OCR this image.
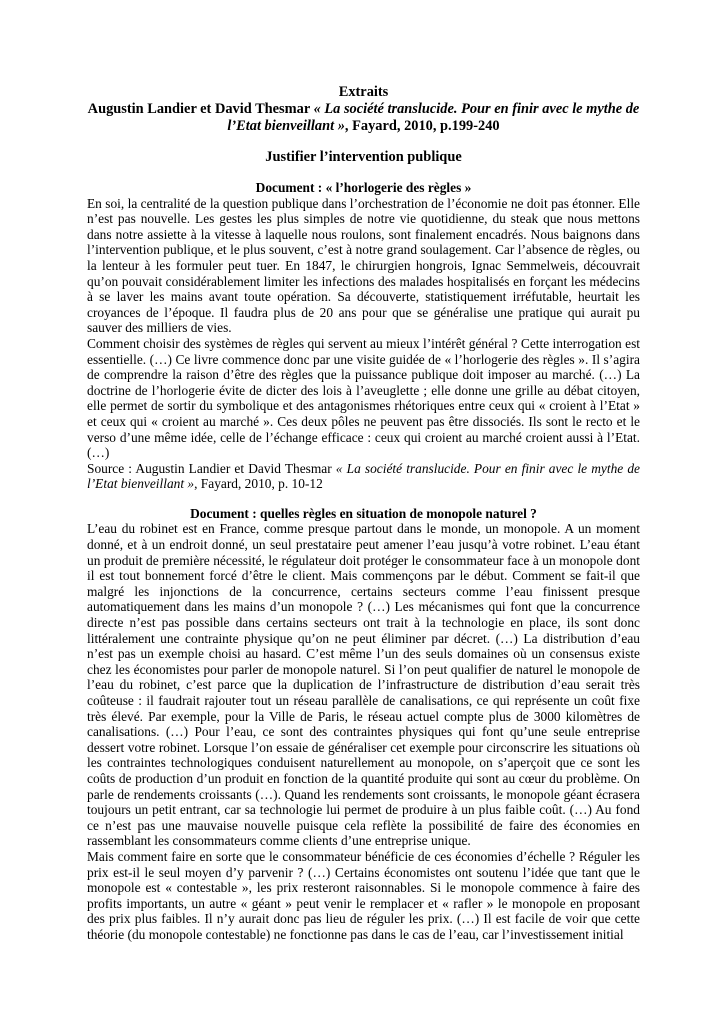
Extraits
Augustin Landier et David Thesmar « La société translucide. Pour en finir avec le mythe de l’Etat bienveillant », Fayard, 2010, p.199-240
Justifier l’intervention publique
Document : « l’horlogerie des règles »

En soi, la centralité de la question publique dans l’orchestration de l’économie ne doit pas étonner. Elle n’est pas nouvelle. Les gestes les plus simples de notre vie quotidienne, du steak que nous mettons dans notre assiette à la vitesse à laquelle nous roulons, sont finalement encadrés. Nous baignons dans l’intervention publique, et le plus souvent, c’est à notre grand soulagement. Car l’absence de règles, ou la lenteur à les formuler peut tuer. En 1847, le chirurgien hongrois, Ignac Semmelweis, découvrait qu’on pouvait considérablement limiter les infections des malades hospitalisés en forçant les médecins à se laver les mains avant toute opération. Sa découverte, statistiquement irréfutable, heurtait les croyances de l’époque. Il faudra plus de 20 ans pour que se généralise une pratique qui aurait pu sauver des milliers de vies.

Comment choisir des systèmes de règles qui servent au mieux l’intérêt général ? Cette interrogation est essentielle. (…) Ce livre commence donc par une visite guidée de « l’horlogerie des règles ». Il s’agira de comprendre la raison d’être des règles que la puissance publique doit imposer au marché. (…) La doctrine de l’horlogerie évite de dicter des lois à l’aveuglette ; elle donne une grille au débat citoyen, elle permet de sortir du symbolique et des antagonismes rhétoriques entre ceux qui « croient à l’Etat » et ceux qui « croient au marché ». Ces deux pôles ne peuvent pas être dissociés. Ils sont le recto et le verso d’une même idée, celle de l’échange efficace : ceux qui croient au marché croient aussi à l’Etat. (…)

Source : Augustin Landier et David Thesmar « La société translucide. Pour en finir avec le mythe de l’Etat bienveillant », Fayard, 2010, p. 10-12

Document : quelles règles en situation de monopole naturel ?

L’eau du robinet est en France, comme presque partout dans le monde, un monopole. A un moment donné, et à un endroit donné, un seul prestataire peut amener l’eau jusqu’à votre robinet. L’eau étant un produit de première nécessité, le régulateur doit protéger le consommateur face à un monopole dont il est tout bonnement forcé d’être le client. Mais commençons par le début. Comment se fait-il que malgré les injonctions de la concurrence, certains secteurs comme l’eau finissent presque automatiquement dans les mains d’un monopole ? (…) Les mécanismes qui font que la concurrence directe n’est pas possible dans certains secteurs ont trait à la technologie en place, ils sont donc littéralement une contrainte physique qu’on ne peut éliminer par décret. (…) La distribution d’eau n’est pas un exemple choisi au hasard. C’est même l’un des seuls domaines où un consensus existe chez les économistes pour parler de monopole naturel. Si l’on peut qualifier de naturel le monopole de l’eau du robinet, c’est parce que la duplication de l’infrastructure de distribution d’eau serait très coûteuse : il faudrait rajouter tout un réseau parallèle de canalisations, ce qui représente un coût fixe très élevé. Par exemple, pour la Ville de Paris, le réseau actuel compte plus de 3000 kilomètres de canalisations. (…) Pour l’eau, ce sont des contraintes physiques qui font qu’une seule entreprise dessert votre robinet. Lorsque l’on essaie de généraliser cet exemple pour circonscrire les situations où les contraintes technologiques conduisent naturellement au monopole, on s’aperçoit que ce sont les coûts de production d’un produit en fonction de la quantité produite qui sont au cœur du problème. On parle de rendements croissants (…). Quand les rendements sont croissants, le monopole géant écrasera toujours un petit entrant, car sa technologie lui permet de produire à un plus faible coût. (…) Au fond ce n’est pas une mauvaise nouvelle puisque cela reflète la possibilité de faire des économies en rassemblant les consommateurs comme clients d’une entreprise unique.

Mais comment faire en sorte que le consommateur bénéficie de ces économies d’échelle ? Réguler les prix est-il le seul moyen d’y parvenir ? (…) Certains économistes ont soutenu l’idée que tant que le monopole est « contestable », les prix resteront raisonnables. Si le monopole commence à faire des profits importants, un autre « géant » peut venir le remplacer et « rafler » le monopole en proposant des prix plus faibles. Il n’y aurait donc pas lieu de réguler les prix. (…) Il est facile de voir que cette théorie (du monopole contestable) ne fonctionne pas dans le cas de l’eau, car l’investissement initial
